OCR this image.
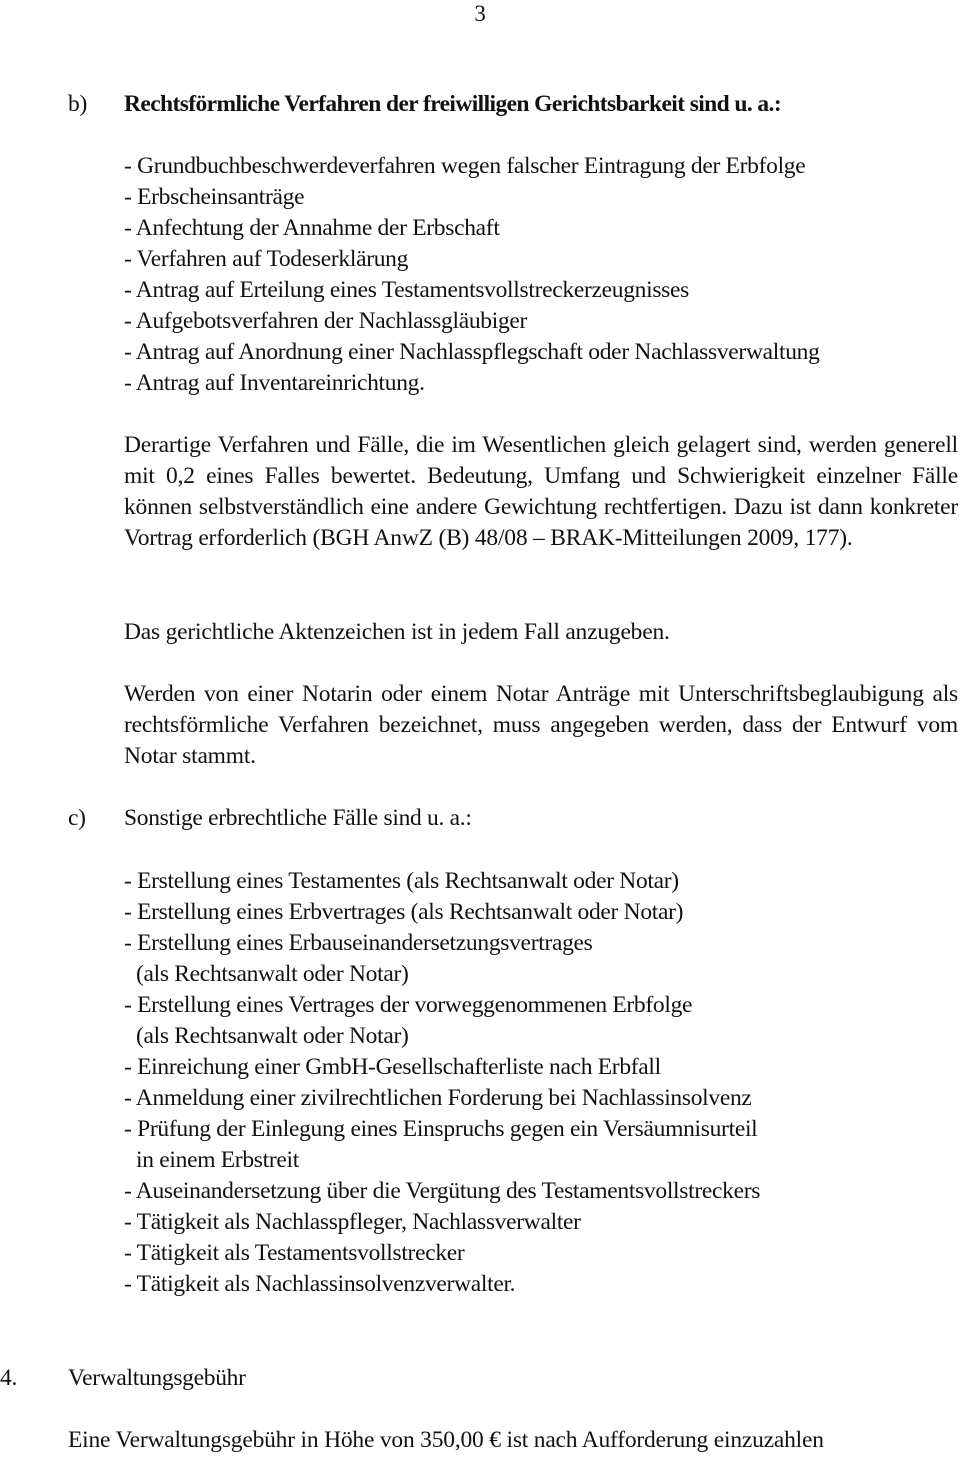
3
b) Rechtsförmliche Verfahren der freiwilligen Gerichtsbarkeit sind u. a.:
- Grundbuchbeschwerdeverfahren wegen falscher Eintragung der Erbfolge
- Erbscheinsanträge
- Anfechtung der Annahme der Erbschaft
- Verfahren auf Todeserklärung
- Antrag auf Erteilung eines Testamentsvollstreckerzeugnisses
- Aufgebotsverfahren der Nachlassgläubiger
- Antrag auf Anordnung einer Nachlasspflegschaft oder Nachlassverwaltung
- Antrag auf Inventareinrichtung.
Derartige Verfahren und Fälle, die im Wesentlichen gleich gelagert sind, werden generell mit 0,2 eines Falles bewertet. Bedeutung, Umfang und Schwierigkeit einzelner Fälle können selbstverständlich eine andere Gewichtung rechtfertigen. Dazu ist dann konkreter Vortrag erforderlich (BGH AnwZ (B) 48/08 – BRAK-Mitteilungen 2009, 177).
Das gerichtliche Aktenzeichen ist in jedem Fall anzugeben.
Werden von einer Notarin oder einem Notar Anträge mit Unterschriftsbeglaubigung als rechtsförmliche Verfahren bezeichnet, muss angegeben werden, dass der Entwurf vom Notar stammt.
c) Sonstige erbrechtliche Fälle sind u. a.:
- Erstellung eines Testamentes (als Rechtsanwalt oder Notar)
- Erstellung eines Erbvertrages (als Rechtsanwalt oder Notar)
- Erstellung eines Erbauseinandersetzungsvertrages
(als Rechtsanwalt oder Notar)
- Erstellung eines Vertrages der vorweggenommenen Erbfolge
(als Rechtsanwalt oder Notar)
- Einreichung einer GmbH-Gesellschafterliste nach Erbfall
- Anmeldung einer zivilrechtlichen Forderung bei Nachlassinsolvenz
- Prüfung der Einlegung eines Einspruchs gegen ein Versäumnisurteil
in einem Erbstreit
- Auseinandersetzung über die Vergütung des Testamentsvollstreckers
- Tätigkeit als Nachlasspfleger, Nachlassverwalter
- Tätigkeit als Testamentsvollstrecker
- Tätigkeit als Nachlassinsolvenzverwalter.
4. Verwaltungsgebühr
Eine Verwaltungsgebühr in Höhe von 350,00 € ist nach Aufforderung einzuzahlen
